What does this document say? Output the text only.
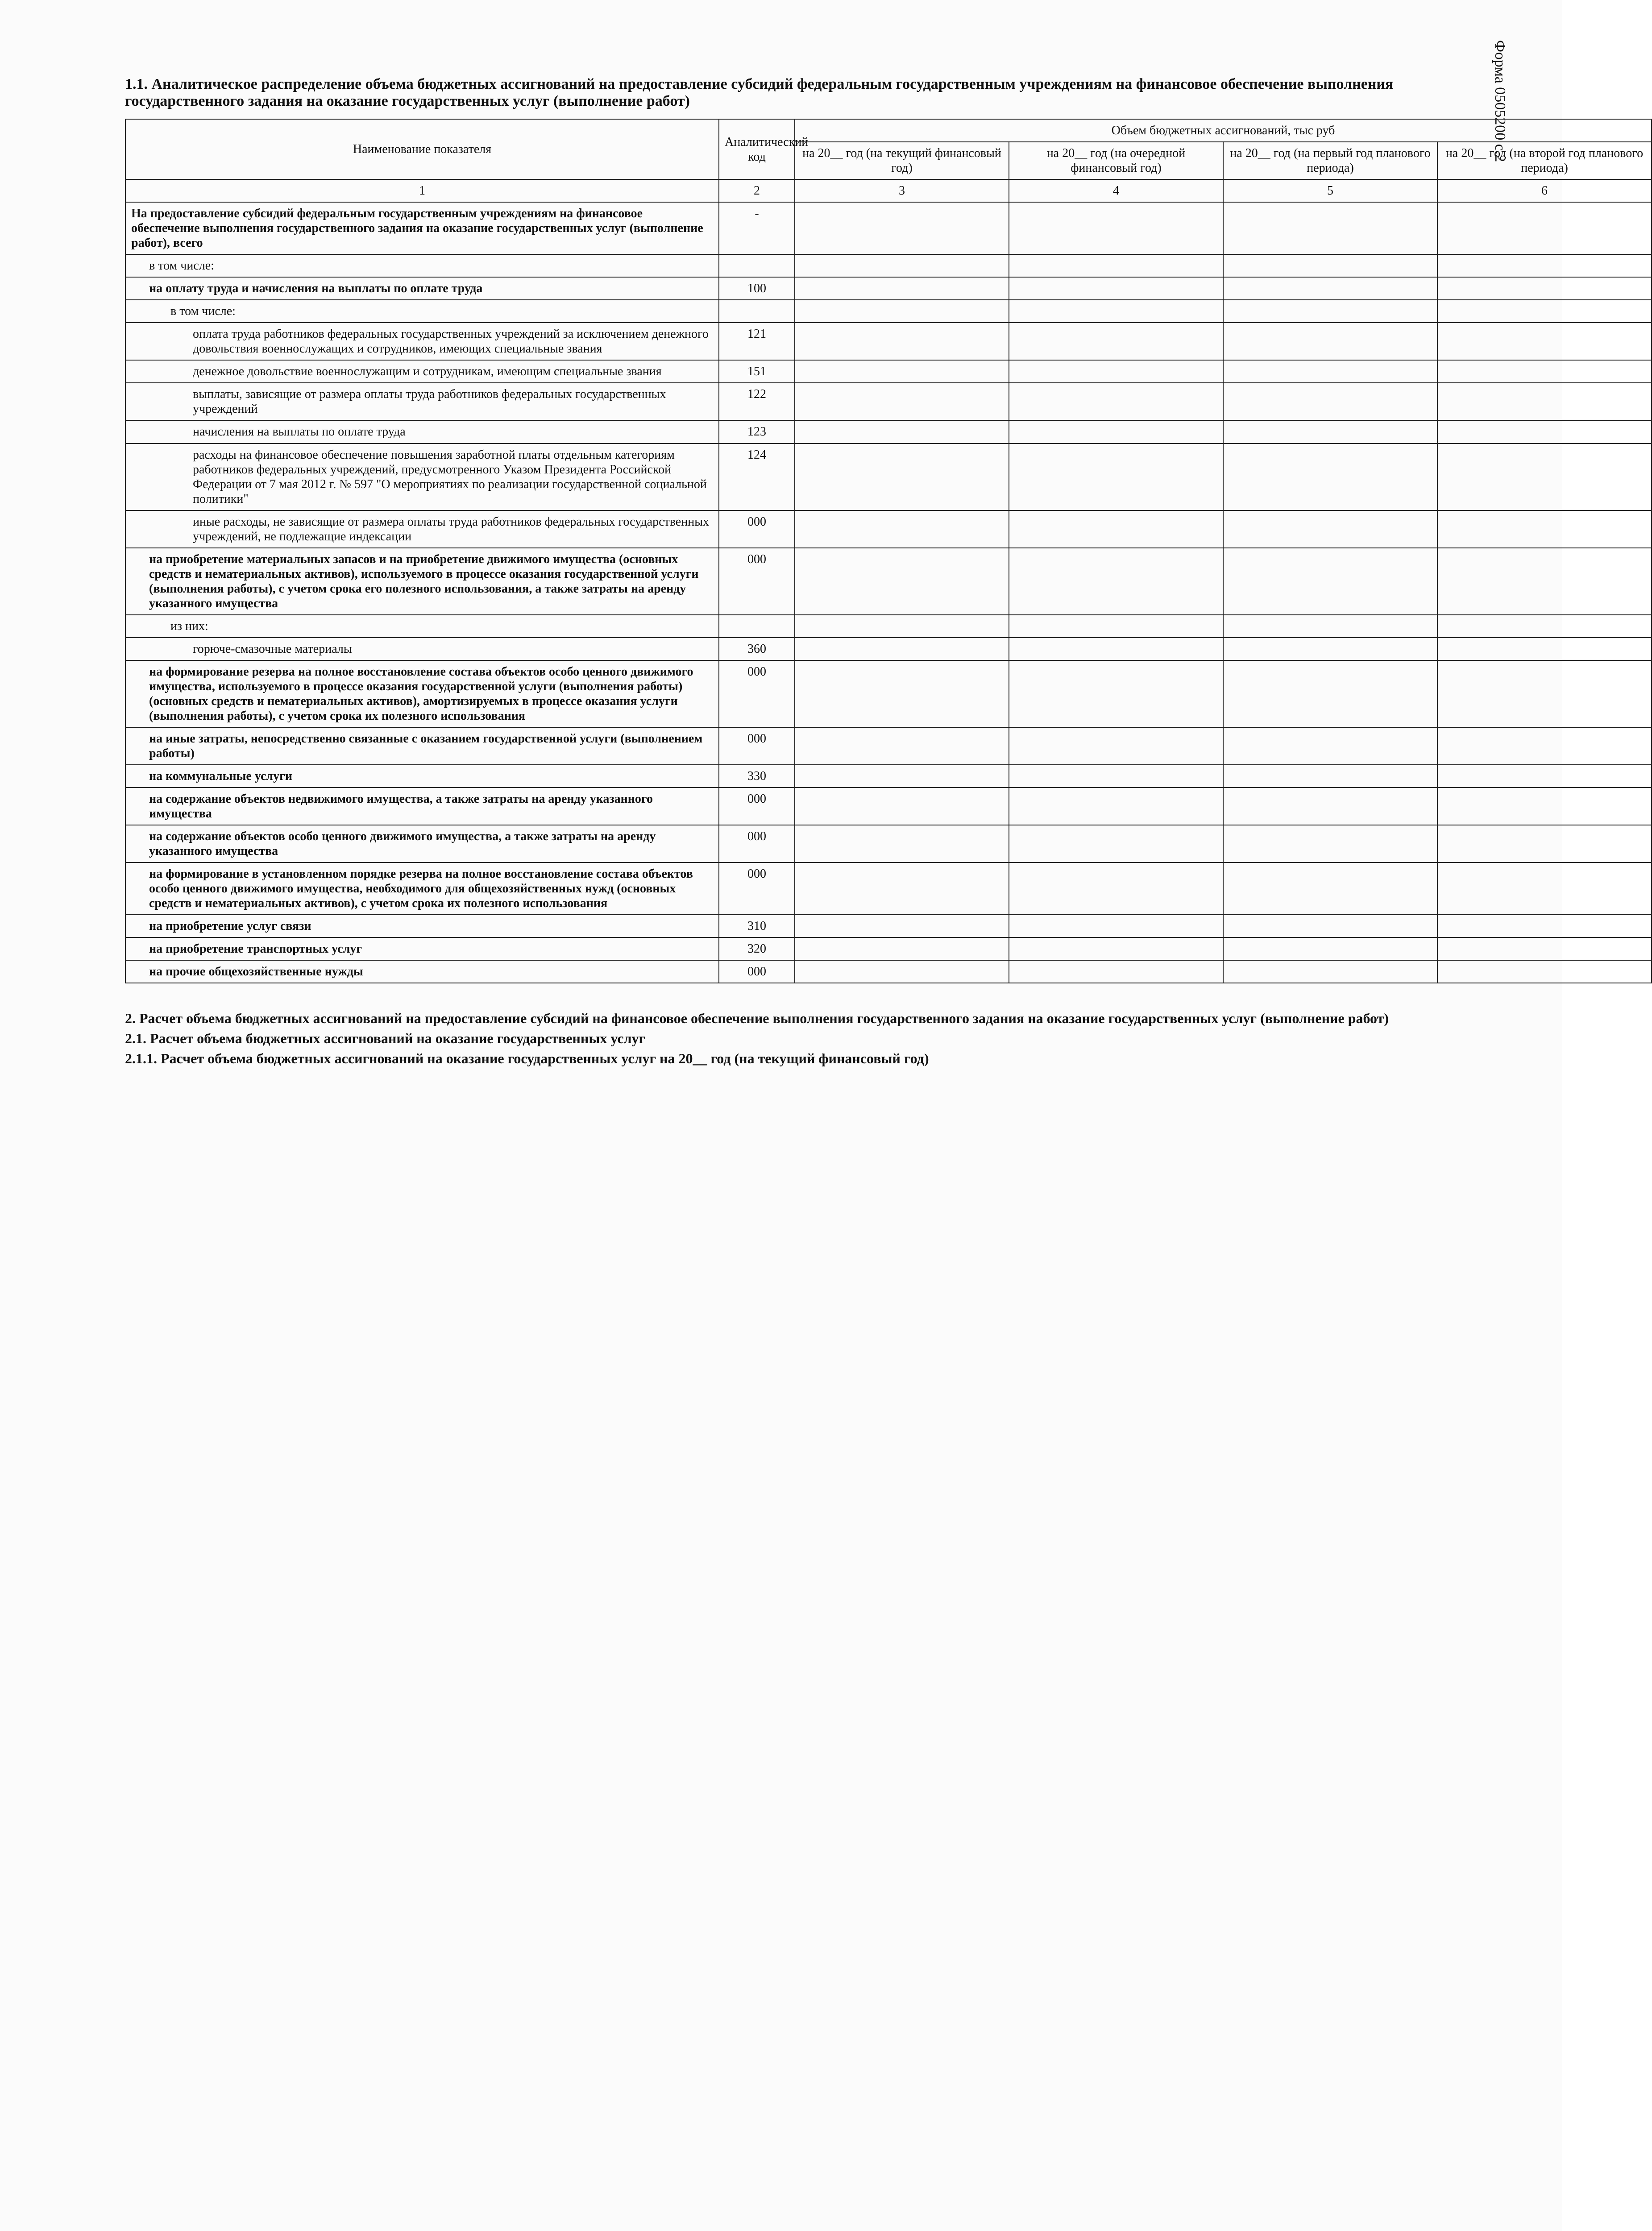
Форма 0505200 с.2
1.1. Аналитическое распределение объема бюджетных ассигнований на предоставление субсидий федеральным государственным учреждениям на финансовое обеспечение выполнения государственного задания на оказание государственных услуг (выполнение работ)
Наименование показателя	Аналитический код	Объем бюджетных ассигнований, тыс руб			
		на 20__ год (на текущий финансовый год)	на 20__ год (на очередной финансовый год)	на 20__ год (на первый год планового периода)	на 20__ год (на второй год планового периода)
1	2	3	4	5	6
На предоставление субсидий федеральным государственным учреждениям на финансовое обеспечение выполнения государственного задания на оказание государственных услуг (выполнение работ), всего	-				
в том числе:					
на оплату труда и начисления на выплаты по оплате труда	100				
в том числе:					
оплата труда работников федеральных государственных учреждений за исключением денежного довольствия военнослужащих и сотрудников, имеющих специальные звания	121				
денежное довольствие военнослужащим и сотрудникам, имеющим специальные звания	151				
выплаты, зависящие от размера оплаты труда работников федеральных государственных учреждений	122				
начисления на выплаты по оплате труда	123				
расходы на финансовое обеспечение повышения заработной платы отдельным категориям работников федеральных учреждений, предусмотренного Указом Президента Российской Федерации от 7 мая 2012 г. № 597 "О мероприятиях по реализации государственной социальной политики"	124				
иные расходы, не зависящие от размера оплаты труда работников федеральных государственных учреждений, не подлежащие индексации	000				
на приобретение материальных запасов и на приобретение движимого имущества (основных средств и нематериальных активов), используемого в процессе оказания государственной услуги (выполнения работы), с учетом срока его полезного использования, а также затраты на аренду указанного имущества	000				
из них:					
горюче-смазочные материалы	360				
на формирование резерва на полное восстановление состава объектов особо ценного движимого имущества, используемого в процессе оказания государственной услуги (выполнения работы) (основных средств и нематериальных активов), амортизируемых в процессе оказания услуги (выполнения работы), с учетом срока их полезного использования	000				
на иные затраты, непосредственно связанные с оказанием государственной услуги (выполнением работы)	000				
на коммунальные услуги	330				
на содержание объектов недвижимого имущества, а также затраты на аренду указанного имущества	000				
на содержание объектов особо ценного движимого имущества, а также затраты на аренду указанного имущества	000				
на формирование в установленном порядке резерва на полное восстановление состава объектов особо ценного движимого имущества, необходимого для общехозяйственных нужд (основных средств и нематериальных активов), с учетом срока их полезного использования	000				
на приобретение услуг связи	310				
на приобретение транспортных услуг	320				
на прочие общехозяйственные нужды	000				
2. Расчет объема бюджетных ассигнований на предоставление субсидий на финансовое обеспечение выполнения государственного задания на оказание государственных услуг (выполнение работ)
2.1. Расчет объема бюджетных ассигнований на оказание государственных услуг
2.1.1. Расчет объема бюджетных ассигнований на оказание государственных услуг на 20__ год (на текущий финансовый год)
